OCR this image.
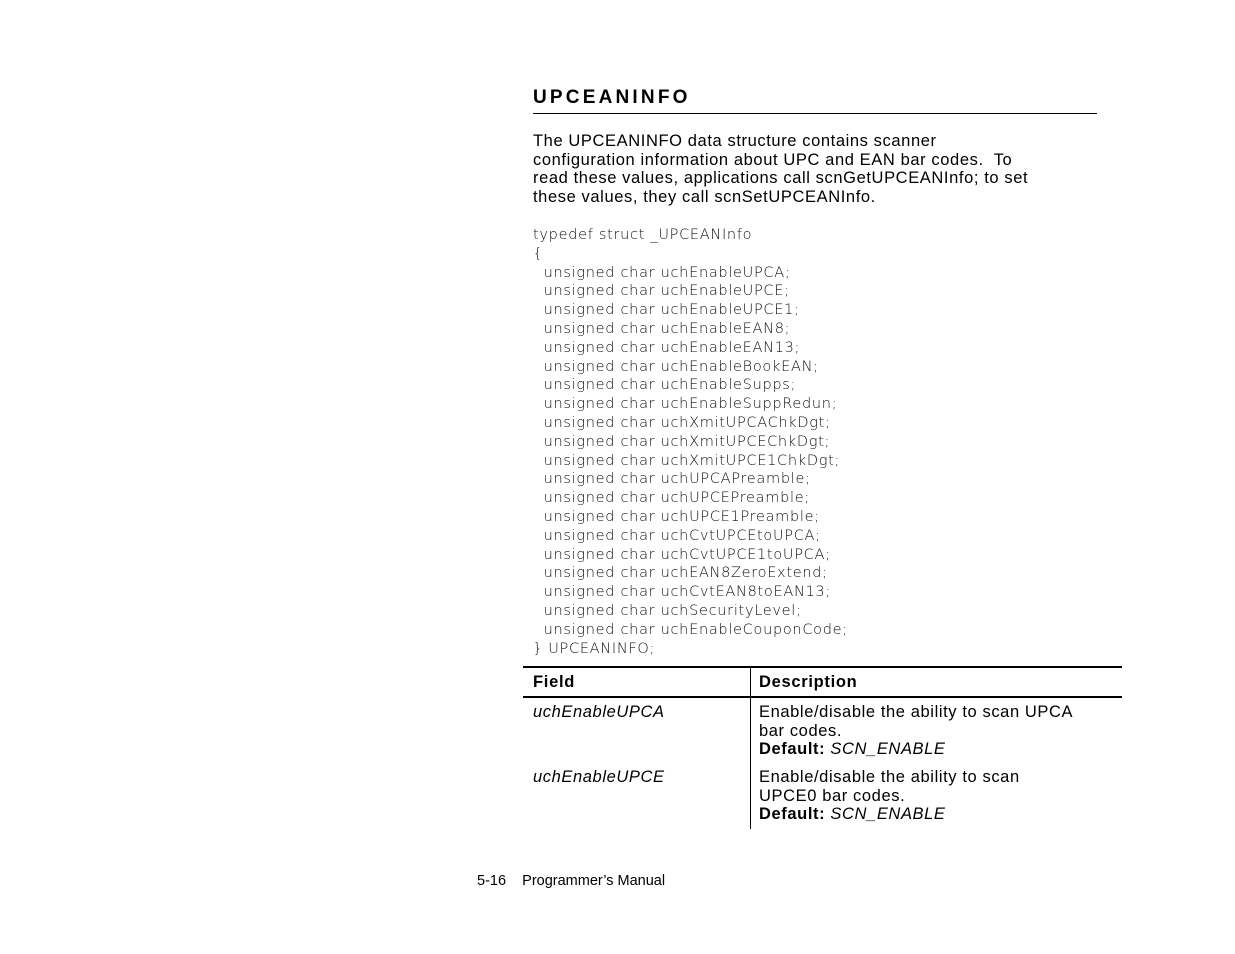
UPCEANINFO
The UPCEANINFO data structure contains scanner
configuration information about UPC and EAN bar codes.  To
read these values, applications call scnGetUPCEANInfo; to set
these values, they call scnSetUPCEANInfo.
typedef struct _UPCEANInfo
{
unsigned char uchEnableUPCA;
unsigned char uchEnableUPCE;
unsigned char uchEnableUPCE1;
unsigned char uchEnableEAN8;
unsigned char uchEnableEAN13;
unsigned char uchEnableBookEAN;
unsigned char uchEnableSupps;
unsigned char uchEnableSuppRedun;
unsigned char uchXmitUPCAChkDgt;
unsigned char uchXmitUPCEChkDgt;
unsigned char uchXmitUPCE1ChkDgt;
unsigned char uchUPCAPreamble;
unsigned char uchUPCEPreamble;
unsigned char uchUPCE1Preamble;
unsigned char uchCvtUPCEtoUPCA;
unsigned char uchCvtUPCE1toUPCA;
unsigned char uchEAN8ZeroExtend;
unsigned char uchCvtEAN8toEAN13;
unsigned char uchSecurityLevel;
unsigned char uchEnableCouponCode;
} UPCEANINFO;
Field	Description
uchEnableUPCA	Enable/disable the ability to scan UPCA
bar codes.
Default: SCN_ENABLE
uchEnableUPCE	Enable/disable the ability to scan
UPCE0 bar codes.
Default: SCN_ENABLE
5-16 Programmer’s Manual
